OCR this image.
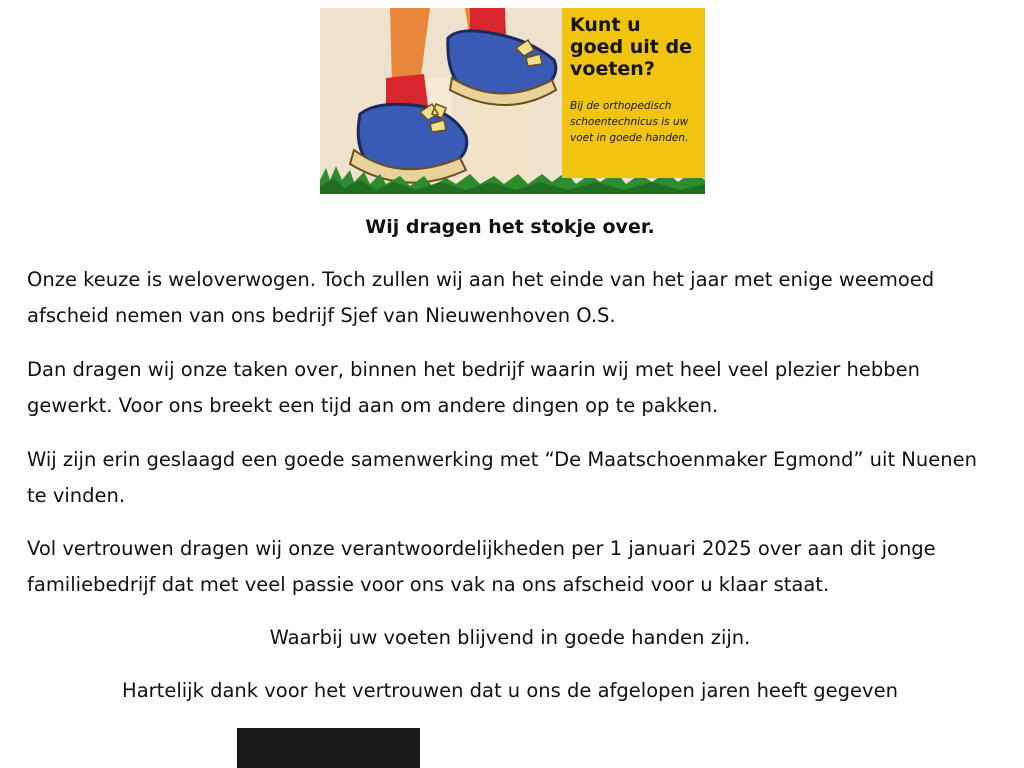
Kunt u
goed uit de
voeten?
Bij de orthopedisch
schoentechnicus is uw
voet in goede handen.
Wij dragen het stokje over.

Onze keuze is weloverwogen. Toch zullen wij aan het einde van het jaar met enige weemoed afscheid nemen van ons bedrijf Sjef van Nieuwenhoven O.S.

Dan dragen wij onze taken over, binnen het bedrijf waarin wij met heel veel plezier hebben gewerkt. Voor ons breekt een tijd aan om andere dingen op te pakken.

Wij zijn erin geslaagd een goede samenwerking met “De Maatschoenmaker Egmond” uit Nuenen te vinden.

Vol vertrouwen dragen wij onze verantwoordelijkheden per 1 januari 2025 over aan dit jonge familiebedrijf dat met veel passie voor ons vak na ons afscheid voor u klaar staat.

Waarbij uw voeten blijvend in goede handen zijn.
Hartelijk dank voor het vertrouwen dat u ons de afgelopen jaren heeft gegeven
